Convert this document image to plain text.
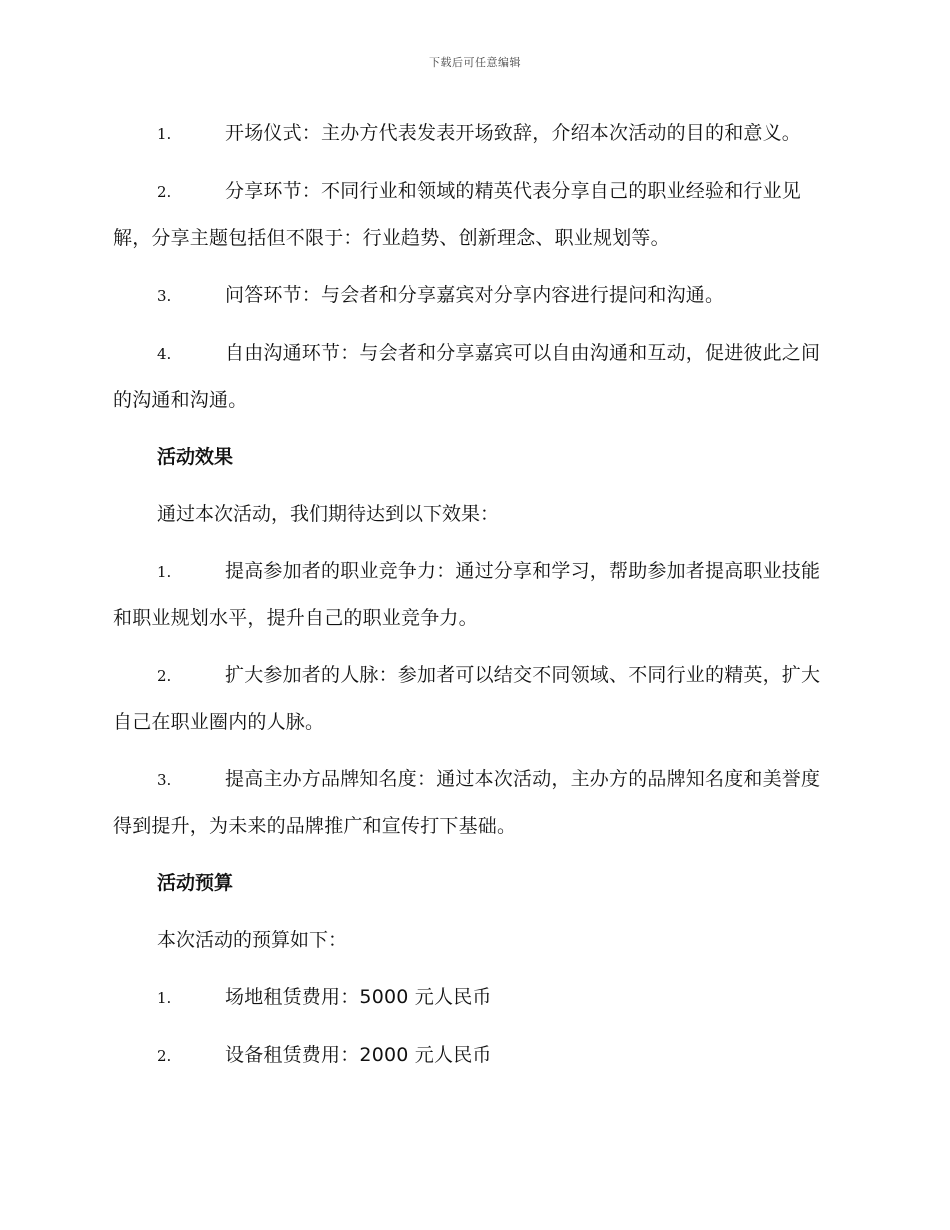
下载后可任意编辑

1.	开场仪式：主办方代表发表开场致辞，介绍本次活动的目的和意义。

2.	分享环节：不同行业和领域的精英代表分享自己的职业经验和行业见解，分享主题包括但不限于：行业趋势、创新理念、职业规划等。

3.	问答环节：与会者和分享嘉宾对分享内容进行提问和沟通。

4.	自由沟通环节：与会者和分享嘉宾可以自由沟通和互动，促进彼此之间的沟通和沟通。

活动效果
通过本次活动，我们期待达到以下效果：

1.	提高参加者的职业竞争力：通过分享和学习，帮助参加者提高职业技能和职业规划水平，提升自己的职业竞争力。

2.	扩大参加者的人脉：参加者可以结交不同领域、不同行业的精英，扩大自己在职业圈内的人脉。

3.	提高主办方品牌知名度：通过本次活动，主办方的品牌知名度和美誉度得到提升，为未来的品牌推广和宣传打下基础。

活动预算
本次活动的预算如下：

1.	场地租赁费用：5000 元人民币

2.	设备租赁费用：2000 元人民币
